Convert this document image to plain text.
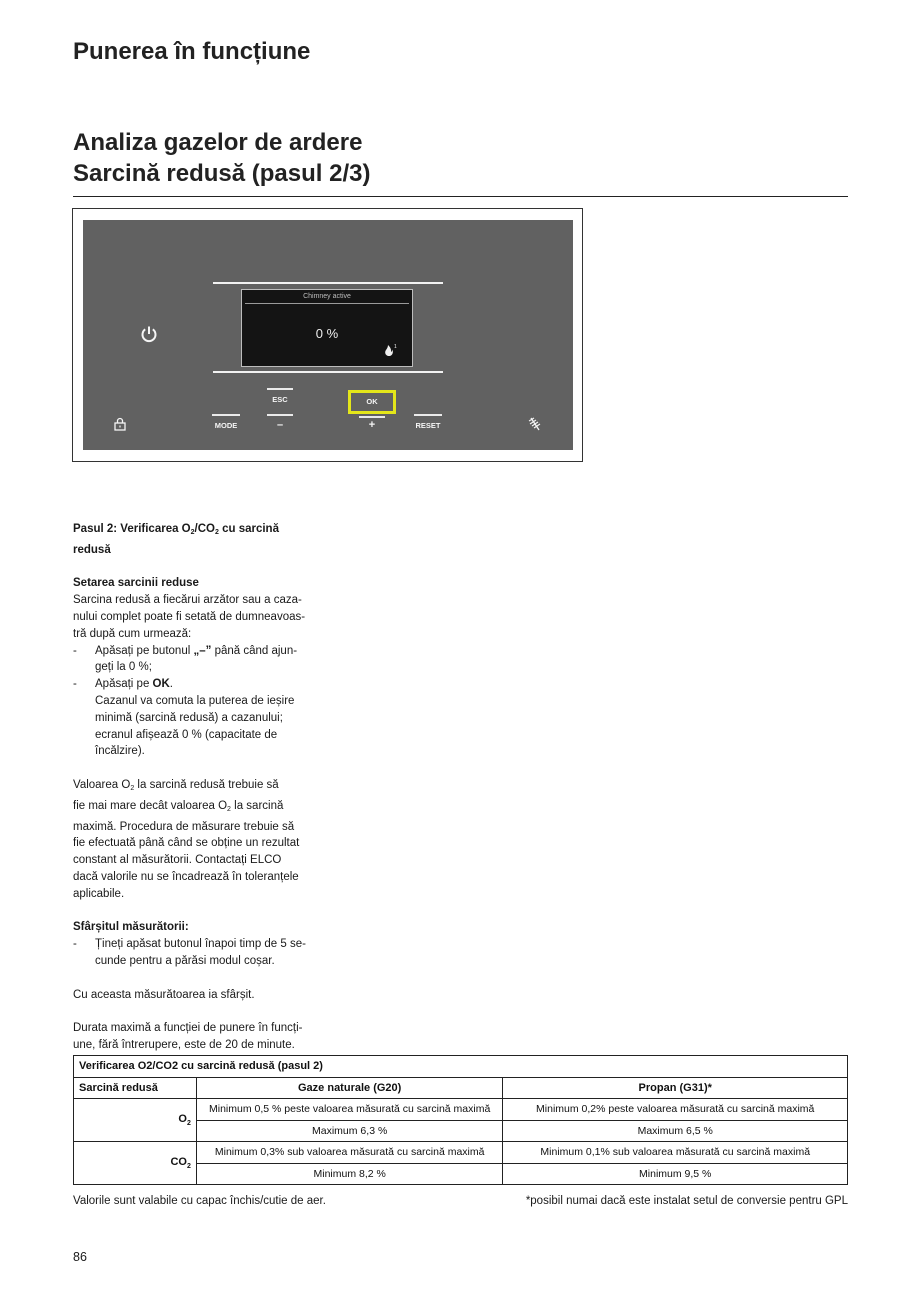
Punerea în funcțiune
Analiza gazelor de ardere
Sarcină redusă (pasul 2/3)
Chimney active
0 %
1
ESC	OK
MODE	–	+	RESET

Pasul 2: Verificarea $O_2/CO_2$ cu sarcină

redusă

Setarea sarcinii reduse

Sarcina redusă a fiecărui arzător sau a caza-

nului complet poate fi setată de dumneavoas-

tră după cum urmează:

- Apăsați pe butonul „–” până când ajun-

geți la 0 %;

- Apăsați pe OK.

Cazanul va comuta la puterea de ieșire

minimă (sarcină redusă) a cazanului;

ecranul afișează 0 % (capacitate de

încălzire).

Valoarea $O_2$ la sarcină redusă trebuie să

fie mai mare decât valoarea $O_2$ la sarcină

maximă. Procedura de măsurare trebuie să

fie efectuată până când se obține un rezultat

constant al măsurătorii. Contactați ELCO

dacă valorile nu se încadrează în toleranțele

aplicabile.

Sfârșitul măsurătorii:

- Țineți apăsat butonul înapoi timp de 5 se-

cunde pentru a părăsi modul coșar.

Cu aceasta măsurătoarea ia sfârșit.

Durata maximă a funcției de punere în funcți-

une, fără întrerupere, este de 20 de minute.

Verificarea O2/CO2 cu sarcină redusă (pasul 2)		
Sarcină redusă	Gaze naturale (G20)	Propan (G31)*
$O_2$	Minimum 0,5 % peste valoarea măsurată cu sarcină maximă	Minimum 0,2% peste valoarea măsurată cu sarcină maximă
	Maximum 6,3 %	Maximum 6,5 %
$CO_2$	Minimum 0,3% sub valoarea măsurată cu sarcină maximă	Minimum 0,1% sub valoarea măsurată cu sarcină maximă
	Minimum 8,2 %	Minimum 9,5 %
Valorile sunt valabile cu capac închis/cutie de aer.	*posibil numai dacă este instalat setul de conversie pentru GPL
86
